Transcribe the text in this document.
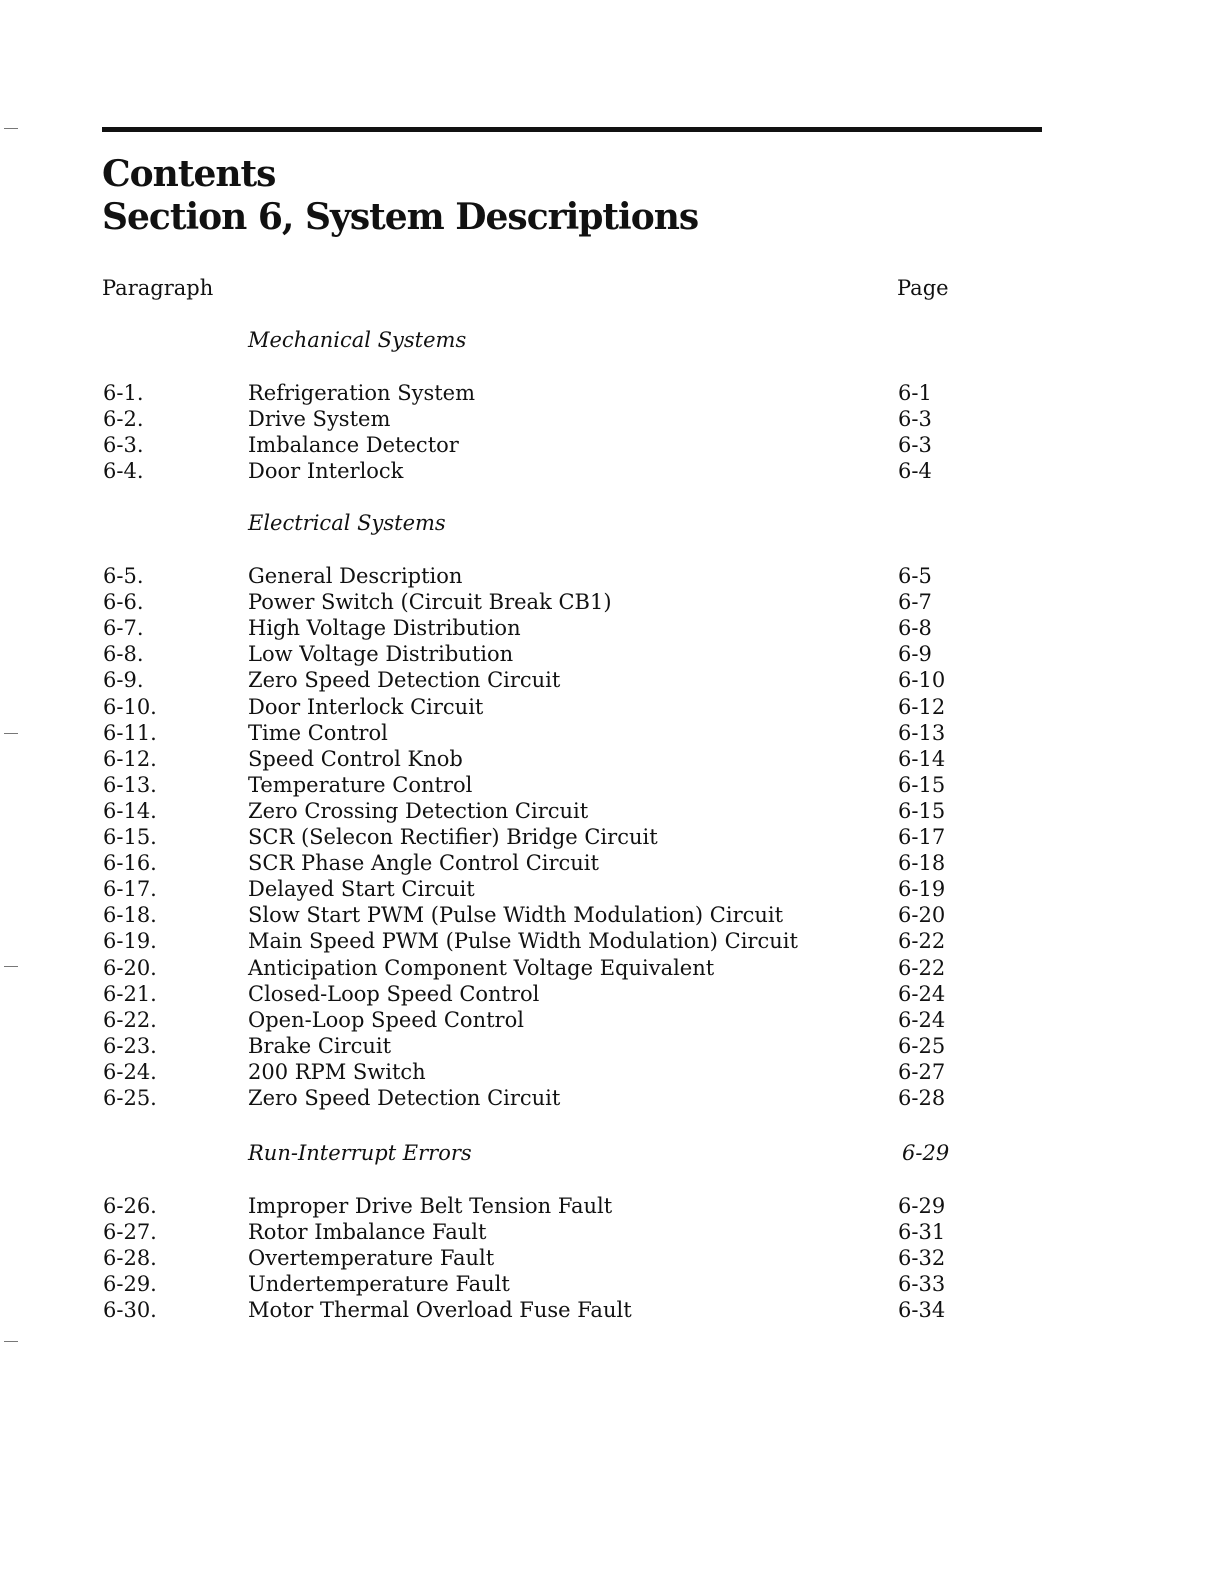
Contents
Section 6, System Descriptions
Paragraph	Page
Mechanical Systems
6-1.	Refrigeration System	6-1
6-2.	Drive System	6-3
6-3.	Imbalance Detector	6-3
6-4.	Door Interlock	6-4
Electrical Systems
6-5.	General Description	6-5
6-6.	Power Switch (Circuit Break CB1)	6-7
6-7.	High Voltage Distribution	6-8
6-8.	Low Voltage Distribution	6-9
6-9.	Zero Speed Detection Circuit	6-10
6-10.	Door Interlock Circuit	6-12
6-11.	Time Control	6-13
6-12.	Speed Control Knob	6-14
6-13.	Temperature Control	6-15
6-14.	Zero Crossing Detection Circuit	6-15
6-15.	SCR (Selecon Rectifier) Bridge Circuit	6-17
6-16.	SCR Phase Angle Control Circuit	6-18
6-17.	Delayed Start Circuit	6-19
6-18.	Slow Start PWM (Pulse Width Modulation) Circuit	6-20
6-19.	Main Speed PWM (Pulse Width Modulation) Circuit	6-22
6-20.	Anticipation Component Voltage Equivalent	6-22
6-21.	Closed-Loop Speed Control	6-24
6-22.	Open-Loop Speed Control	6-24
6-23.	Brake Circuit	6-25
6-24.	200 RPM Switch	6-27
6-25.	Zero Speed Detection Circuit	6-28
Run-Interrupt Errors	6-29
6-26.	Improper Drive Belt Tension Fault	6-29
6-27.	Rotor Imbalance Fault	6-31
6-28.	Overtemperature Fault	6-32
6-29.	Undertemperature Fault	6-33
6-30.	Motor Thermal Overload Fuse Fault	6-34
